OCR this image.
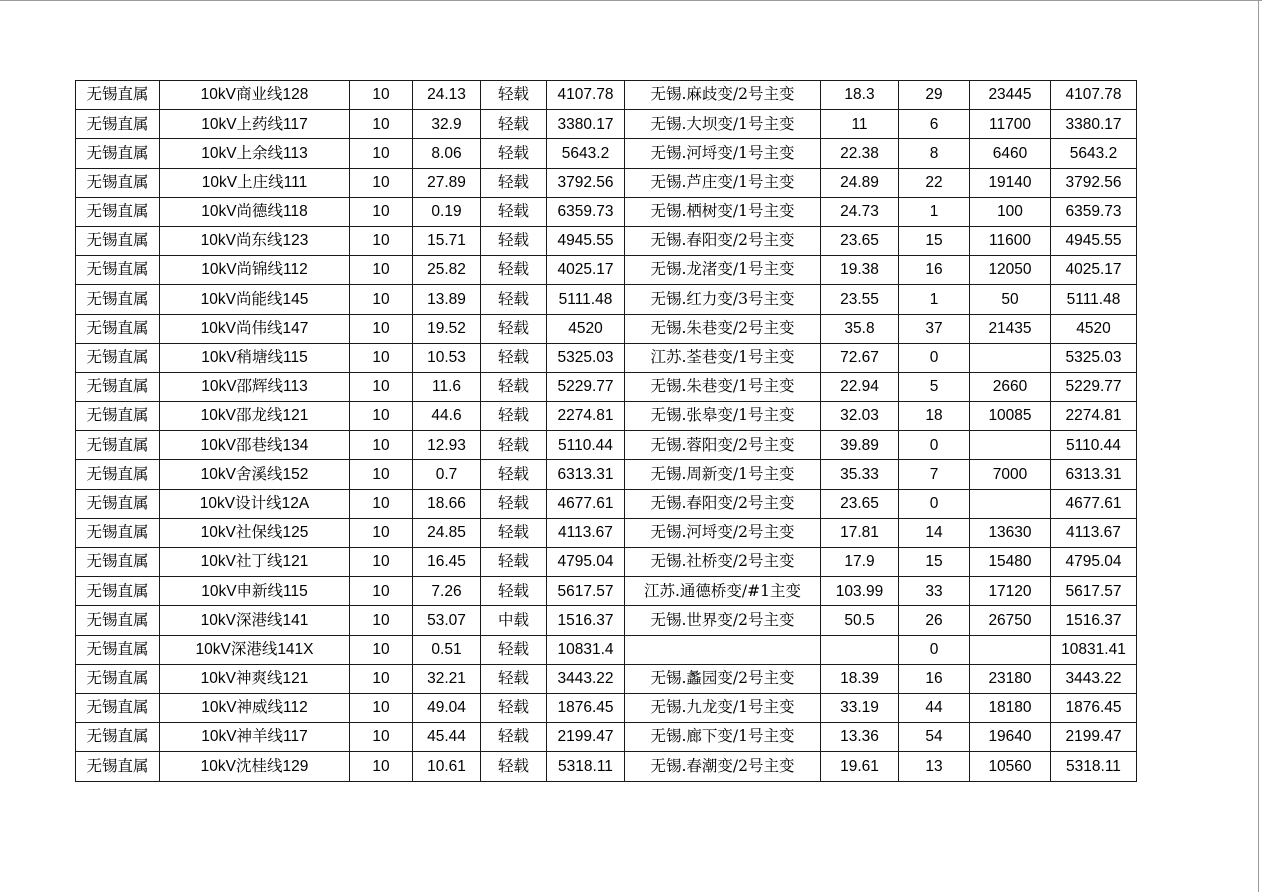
无锡直属	10kV商业线128	10	24.13	轻载	4107.78	无锡.麻歧变/2号主变	18.3	29	23445	4107.78
无锡直属	10kV上药线117	10	32.9	轻载	3380.17	无锡.大坝变/1号主变	11	6	11700	3380.17
无锡直属	10kV上余线113	10	8.06	轻载	5643.2	无锡.河埒变/1号主变	22.38	8	6460	5643.2
无锡直属	10kV上庄线111	10	27.89	轻载	3792.56	无锡.芦庄变/1号主变	24.89	22	19140	3792.56
无锡直属	10kV尚德线118	10	0.19	轻载	6359.73	无锡.栖树变/1号主变	24.73	1	100	6359.73
无锡直属	10kV尚东线123	10	15.71	轻载	4945.55	无锡.春阳变/2号主变	23.65	15	11600	4945.55
无锡直属	10kV尚锦线112	10	25.82	轻载	4025.17	无锡.龙渚变/1号主变	19.38	16	12050	4025.17
无锡直属	10kV尚能线145	10	13.89	轻载	5111.48	无锡.红力变/3号主变	23.55	1	50	5111.48
无锡直属	10kV尚伟线147	10	19.52	轻载	4520	无锡.朱巷变/2号主变	35.8	37	21435	4520
无锡直属	10kV稍塘线115	10	10.53	轻载	5325.03	江苏.荃巷变/1号主变	72.67	0		5325.03
无锡直属	10kV邵辉线113	10	11.6	轻载	5229.77	无锡.朱巷变/1号主变	22.94	5	2660	5229.77
无锡直属	10kV邵龙线121	10	44.6	轻载	2274.81	无锡.张皋变/1号主变	32.03	18	10085	2274.81
无锡直属	10kV邵巷线134	10	12.93	轻载	5110.44	无锡.蓉阳变/2号主变	39.89	0		5110.44
无锡直属	10kV舍溪线152	10	0.7	轻载	6313.31	无锡.周新变/1号主变	35.33	7	7000	6313.31
无锡直属	10kV设计线12A	10	18.66	轻载	4677.61	无锡.春阳变/2号主变	23.65	0		4677.61
无锡直属	10kV社保线125	10	24.85	轻载	4113.67	无锡.河埒变/2号主变	17.81	14	13630	4113.67
无锡直属	10kV社丁线121	10	16.45	轻载	4795.04	无锡.社桥变/2号主变	17.9	15	15480	4795.04
无锡直属	10kV申新线115	10	7.26	轻载	5617.57	江苏.通德桥变/#1主变	103.99	33	17120	5617.57
无锡直属	10kV深港线141	10	53.07	中载	1516.37	无锡.世界变/2号主变	50.5	26	26750	1516.37
无锡直属	10kV深港线141X	10	0.51	轻载	10831.4			0		10831.41
无锡直属	10kV神爽线121	10	32.21	轻载	3443.22	无锡.蠡园变/2号主变	18.39	16	23180	3443.22
无锡直属	10kV神威线112	10	49.04	轻载	1876.45	无锡.九龙变/1号主变	33.19	44	18180	1876.45
无锡直属	10kV神羊线117	10	45.44	轻载	2199.47	无锡.廊下变/1号主变	13.36	54	19640	2199.47
无锡直属	10kV沈桂线129	10	10.61	轻载	5318.11	无锡.春潮变/2号主变	19.61	13	10560	5318.11
